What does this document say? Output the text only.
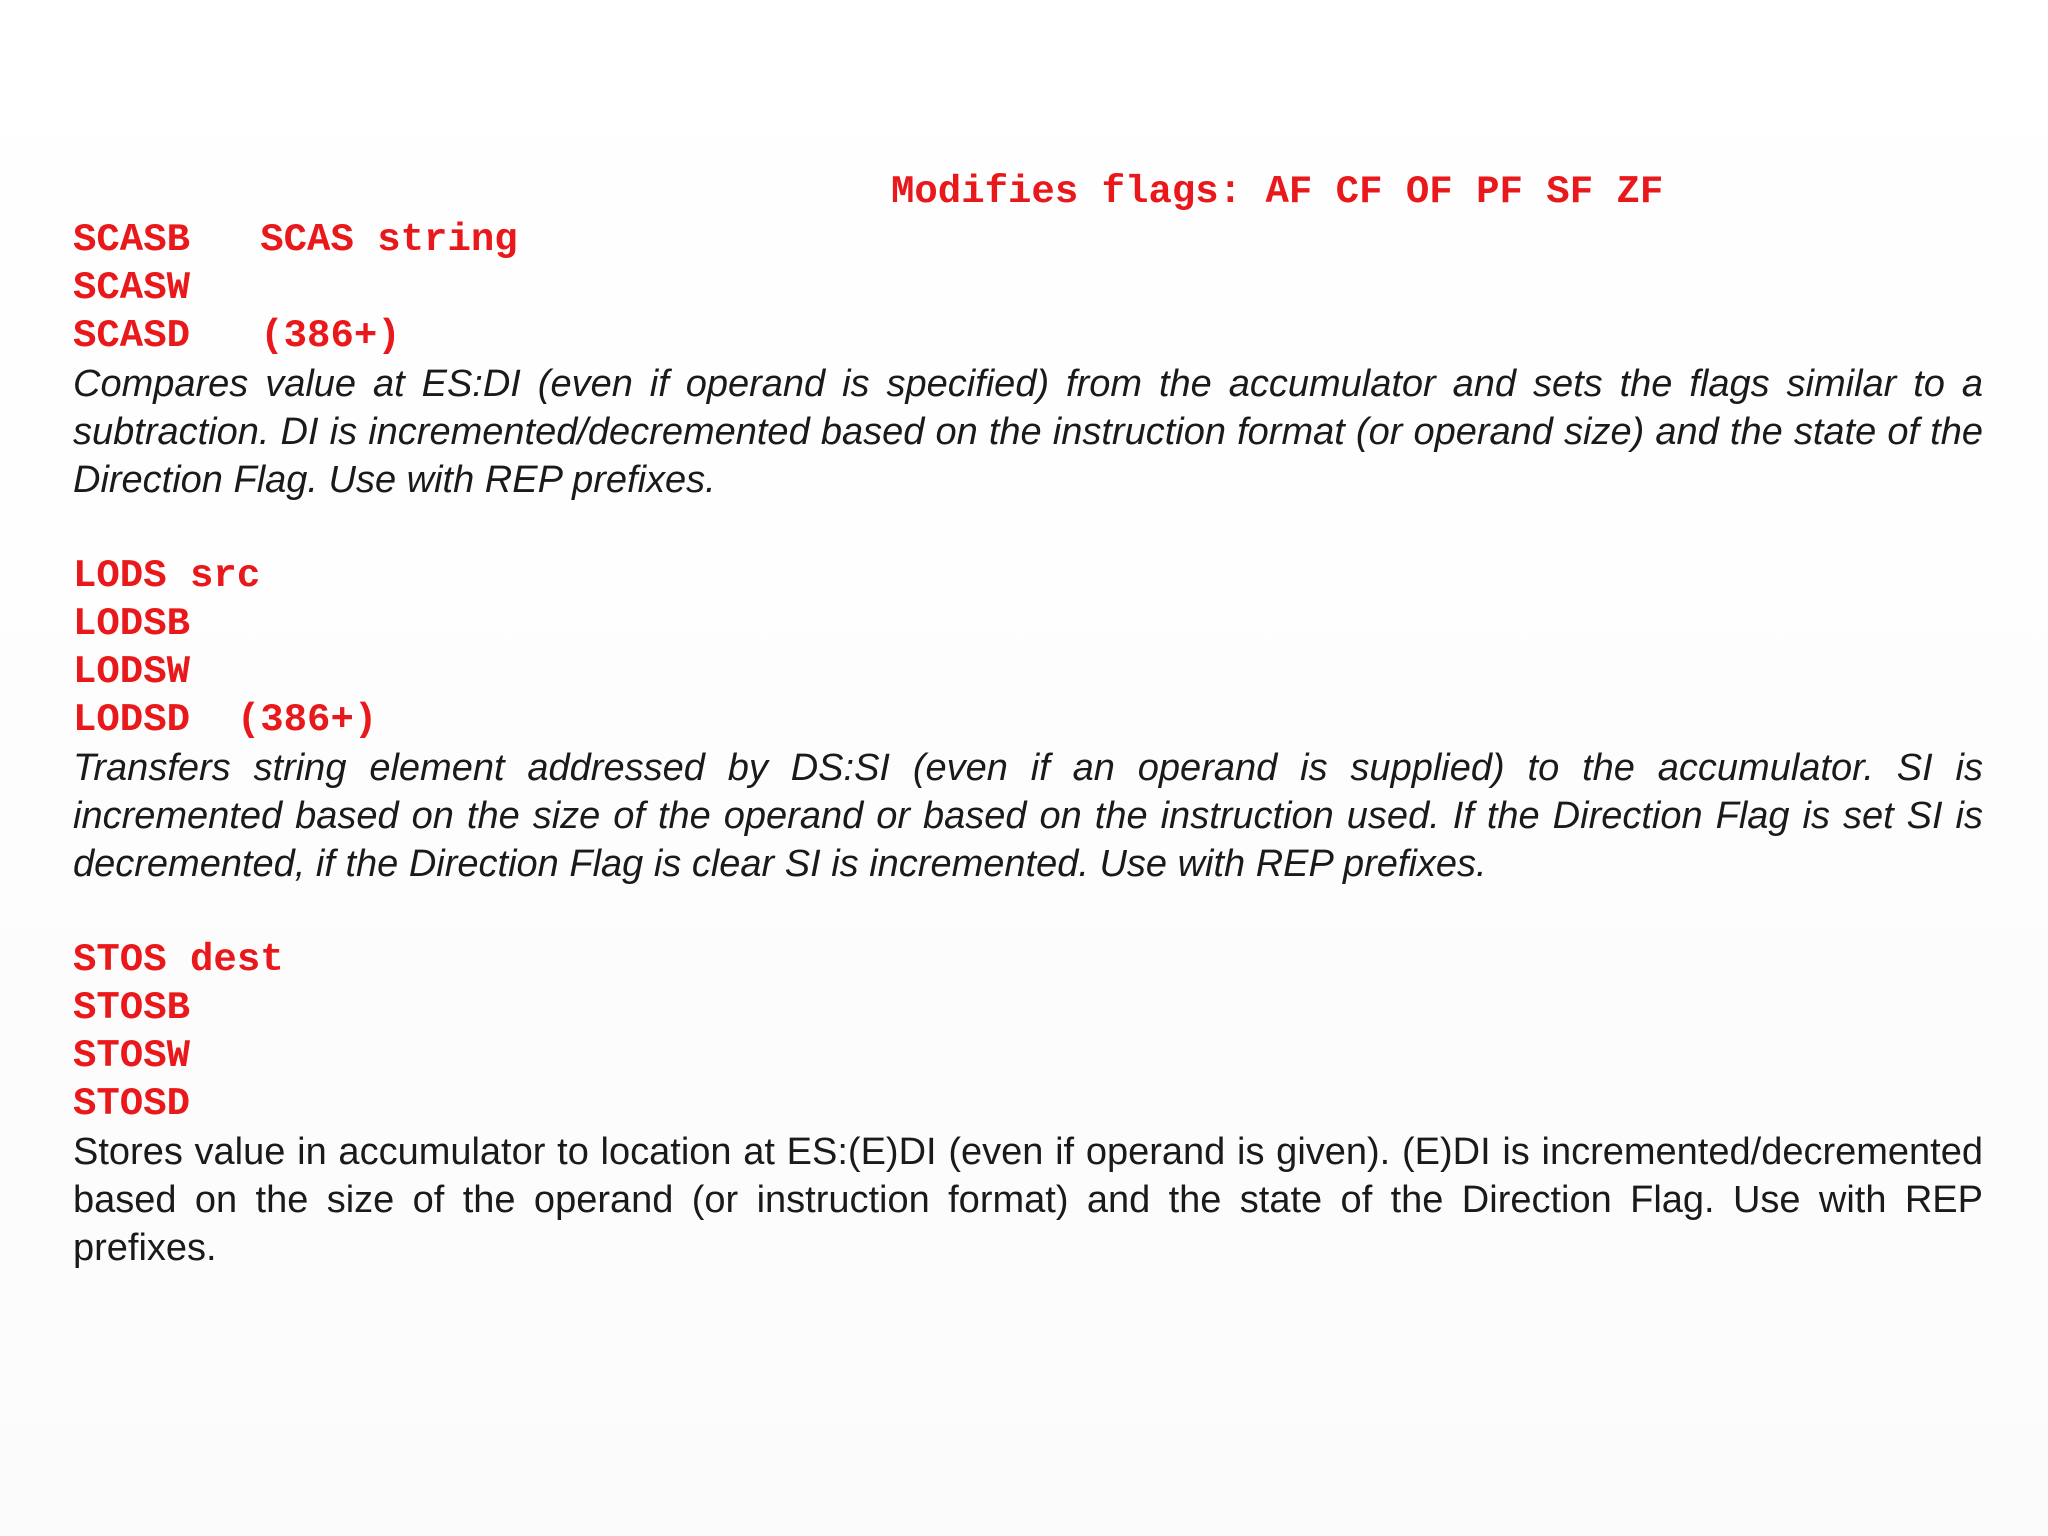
SCAS string

Modifies flags: AF CF OF PF SF ZF

SCASB
SCASW
SCASD   (386+)

Compares value at ES:DI (even if operand is specified) from the accumulator and sets the flags similar to a subtraction. DI is incremented/decremented based on the instruction format (or operand size) and the state of the Direction Flag. Use with REP prefixes.

LODS src
LODSB
LODSW
LODSD  (386+)

Transfers string element addressed by DS:SI (even if an operand is supplied) to the accumulator. SI is incremented based on the size of the operand or based on the instruction used. If the Direction Flag is set SI is decremented, if the Direction Flag is clear SI is incremented. Use with REP prefixes.

STOS dest
STOSB
STOSW
STOSD

Stores value in accumulator to location at ES:(E)DI (even if operand is given). (E)DI is incremented/decremented based on the size of the operand (or instruction format) and the state of the Direction Flag. Use with REP prefixes.
